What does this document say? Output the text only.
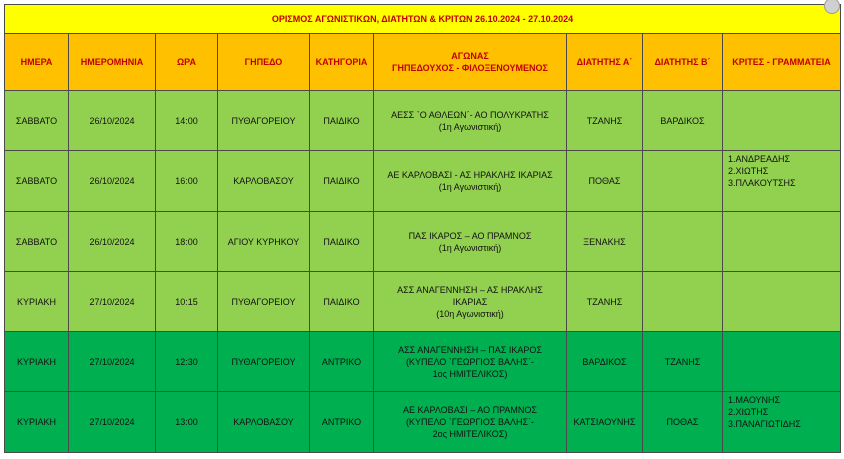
ΟΡΙΣΜΟΣ ΑΓΩΝΙΣΤΙΚΩΝ, ΔΙΑΤΗΤΩΝ & ΚΡΙΤΩΝ 26.10.2024 - 27.10.2024								
ΗΜΕΡΑ	ΗΜΕΡΟΜΗΝΙΑ	ΩΡΑ	ΓΗΠΕΔΟ	ΚΑΤΗΓΟΡΙΑ	ΑΓΩΝΑΣ
ΓΗΠΕΔΟΥΧΟΣ - ΦΙΛΟΞΕΝΟΥΜΕΝΟΣ	ΔΙΑΤΗΤΗΣ Α΄	ΔΙΑΤΗΤΗΣ Β΄	ΚΡΙΤΕΣ - ΓΡΑΜΜΑΤΕΙΑ
ΣΑΒΒΑΤΟ	26/10/2024	14:00	ΠΥΘΑΓΟΡΕΙΟΥ	ΠΑΙΔΙΚΟ	ΑΕΣΣ `Ο ΑΘΛΕΩΝ΄- ΑΟ ΠΟΛΥΚΡΑΤΗΣ
(1η Αγωνιστική)	ΤΖΑΝΗΣ	ΒΑΡΔΙΚΟΣ	
ΣΑΒΒΑΤΟ	26/10/2024	16:00	ΚΑΡΛΟΒΑΣΟΥ	ΠΑΙΔΙΚΟ	ΑΕ ΚΑΡΛΟΒΑΣΙ - ΑΣ ΗΡΑΚΛΗΣ ΙΚΑΡΙΑΣ
(1η Αγωνιστική)	ΠΟΘΑΣ		1.ΑΝΔΡΕΑΔΗΣ
2.ΧΙΩΤΗΣ
3.ΠΛΑΚΟΥΤΣΗΣ

ΣΑΒΒΑΤΟ	26/10/2024	18:00	ΑΓΙΟΥ ΚΥΡΗΚΟΥ	ΠΑΙΔΙΚΟ	ΠΑΣ ΙΚΑΡΟΣ – ΑΟ ΠΡΑΜΝΟΣ
(1η Αγωνιστική)	ΞΕΝΑΚΗΣ		
ΚΥΡΙΑΚΗ	27/10/2024	10:15	ΠΥΘΑΓΟΡΕΙΟΥ	ΠΑΙΔΙΚΟ	ΑΣΣ ΑΝΑΓΕΝΝΗΣΗ – ΑΣ ΗΡΑΚΛΗΣ
ΙΚΑΡΙΑΣ
(10η Αγωνιστική)	ΤΖΑΝΗΣ		
ΚΥΡΙΑΚΗ	27/10/2024	12:30	ΠΥΘΑΓΟΡΕΙΟΥ	ΑΝΤΡΙΚΟ	ΑΣΣ ΑΝΑΓΕΝΝΗΣΗ – ΠΑΣ ΙΚΑΡΟΣ
(ΚΥΠΕΛΟ `ΓΕΩΡΓΙΟΣ ΒΑΛΗΣ΄-
1ος ΗΜΙΤΕΛΙΚΟΣ)	ΒΑΡΔΙΚΟΣ	ΤΖΑΝΗΣ	
ΚΥΡΙΑΚΗ	27/10/2024	13:00	ΚΑΡΛΟΒΑΣΟΥ	ΑΝΤΡΙΚΟ	ΑΕ ΚΑΡΛΟΒΑΣΙ – ΑΟ ΠΡΑΜΝΟΣ
(ΚΥΠΕΛΟ `ΓΕΩΡΓΙΟΣ ΒΑΛΗΣ΄-
2ος ΗΜΙΤΕΛΙΚΟΣ)	ΚΑΤΣΙΑΟΥΝΗΣ	ΠΟΘΑΣ	1.ΜΑΟΥΝΗΣ
2.ΧΙΩΤΗΣ
3.ΠΑΝΑΓΙΩΤΙΔΗΣ
